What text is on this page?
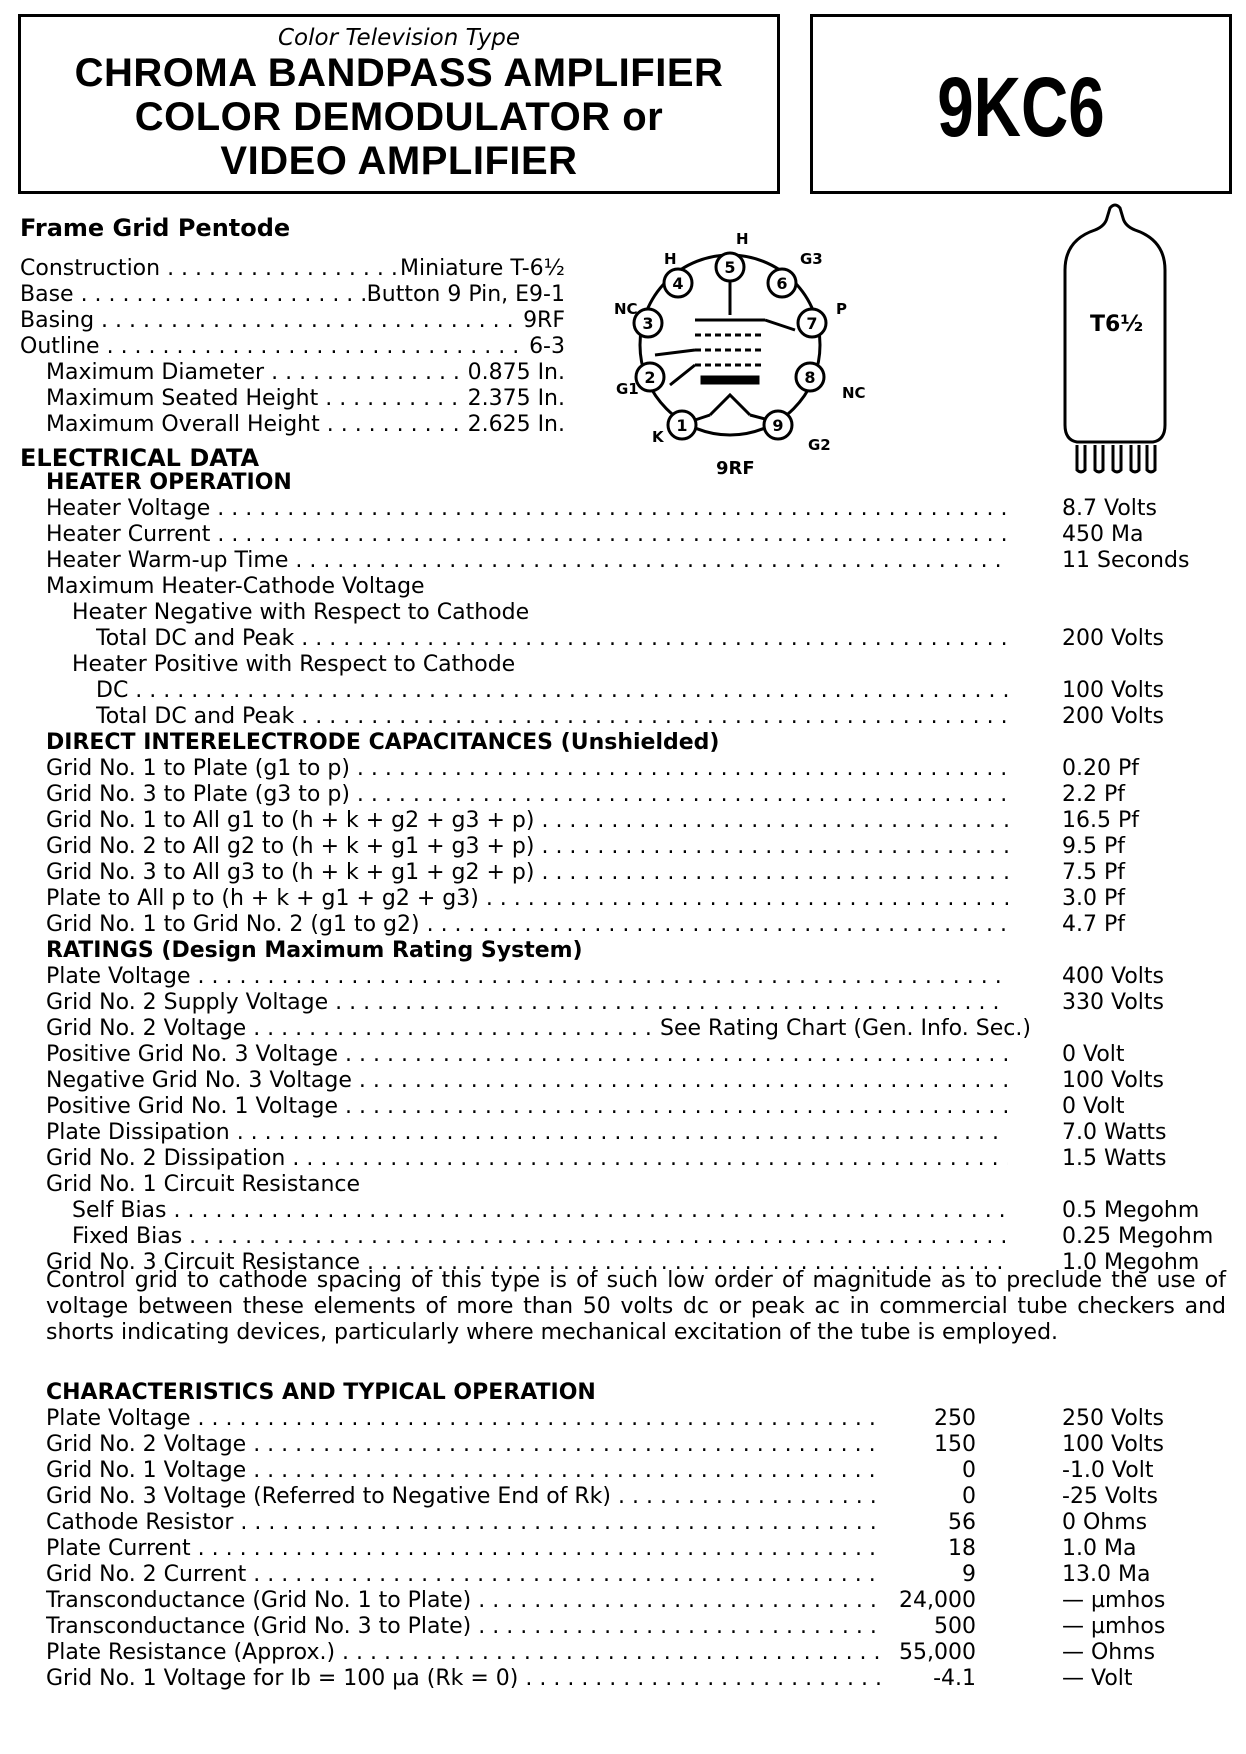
Color Television Type
CHROMA BANDPASS AMPLIFIER
COLOR DEMODULATOR or
VIDEO AMPLIFIER
9KC6
Frame Grid Pentode
Construction . . .	Miniature T-6½
Base . . .	Button 9 Pin, E9-1
Basing . . .	9RF
Outline . . .	6-3
Maximum Diameter . . .	0.875 In.
Maximum Seated Height . . .	2.375 In.
Maximum Overall Height . . .	2.625 In.	1
2
3
4
5
6
7
8
9
K
G1
NC
H
H
G3
P
NC
G2
9RF
T6½
ELECTRICAL DATA
HEATER OPERATION
Heater Voltage . . .	8.7 Volts
Heater Current . . .	450 Ma
Heater Warm-up Time . . .	11 Seconds
Maximum Heater-Cathode Voltage
Heater Negative with Respect to Cathode
Total DC and Peak . . .	200 Volts
Heater Positive with Respect to Cathode
DC . . .	100 Volts
Total DC and Peak . . .	200 Volts
DIRECT INTERELECTRODE CAPACITANCES (Unshielded)
Grid No. 1 to Plate (g1 to p) . . .	0.20 Pf
Grid No. 3 to Plate (g3 to p) . . .	2.2 Pf
Grid No. 1 to All g1 to (h + k + g2 + g3 + p) . . .	16.5 Pf
Grid No. 2 to All g2 to (h + k + g1 + g3 + p) . . .	9.5 Pf
Grid No. 3 to All g3 to (h + k + g1 + g2 + p) . . .	7.5 Pf
Plate to All p to (h + k + g1 + g2 + g3) . . .	3.0 Pf
Grid No. 1 to Grid No. 2 (g1 to g2) . . .	4.7 Pf
RATINGS (Design Maximum Rating System)
Plate Voltage . . .	400 Volts
Grid No. 2 Supply Voltage . . .	330 Volts
Grid No. 2 Voltage . . .	See Rating Chart (Gen. Info. Sec.)
Positive Grid No. 3 Voltage . . .	0 Volt
Negative Grid No. 3 Voltage . . .	100 Volts
Positive Grid No. 1 Voltage . . .	0 Volt
Plate Dissipation . . .	7.0 Watts
Grid No. 2 Dissipation . . .	1.5 Watts
Grid No. 1 Circuit Resistance
Self Bias . . .	0.5 Megohm
Fixed Bias . . .	0.25 Megohm
Grid No. 3 Circuit Resistance . . .	1.0 Megohm
Control grid to cathode spacing of this type is of such low order of magnitude as to preclude the use of voltage between these elements of more than 50 volts dc or peak ac in commercial tube checkers and shorts indicating devices, particularly where mechanical excitation of the tube is employed.
CHARACTERISTICS AND TYPICAL OPERATION
Plate Voltage . . .	250	250 Volts
Grid No. 2 Voltage . . .	150	100 Volts
Grid No. 1 Voltage . . .	0	-1.0 Volt
Grid No. 3 Voltage (Referred to Negative End of Rk) . . .	0	-25 Volts
Cathode Resistor . . .	56	0 Ohms
Plate Current . . .	18	1.0 Ma
Grid No. 2 Current . . .	9	13.0 Ma
Transconductance (Grid No. 1 to Plate) . . .	24,000	— µmhos
Transconductance (Grid No. 3 to Plate) . . .	500	— µmhos
Plate Resistance (Approx.) . . .	55,000	— Ohms
Grid No. 1 Voltage for Ib = 100 µa (Rk = 0) . . .	-4.1	— Volt
